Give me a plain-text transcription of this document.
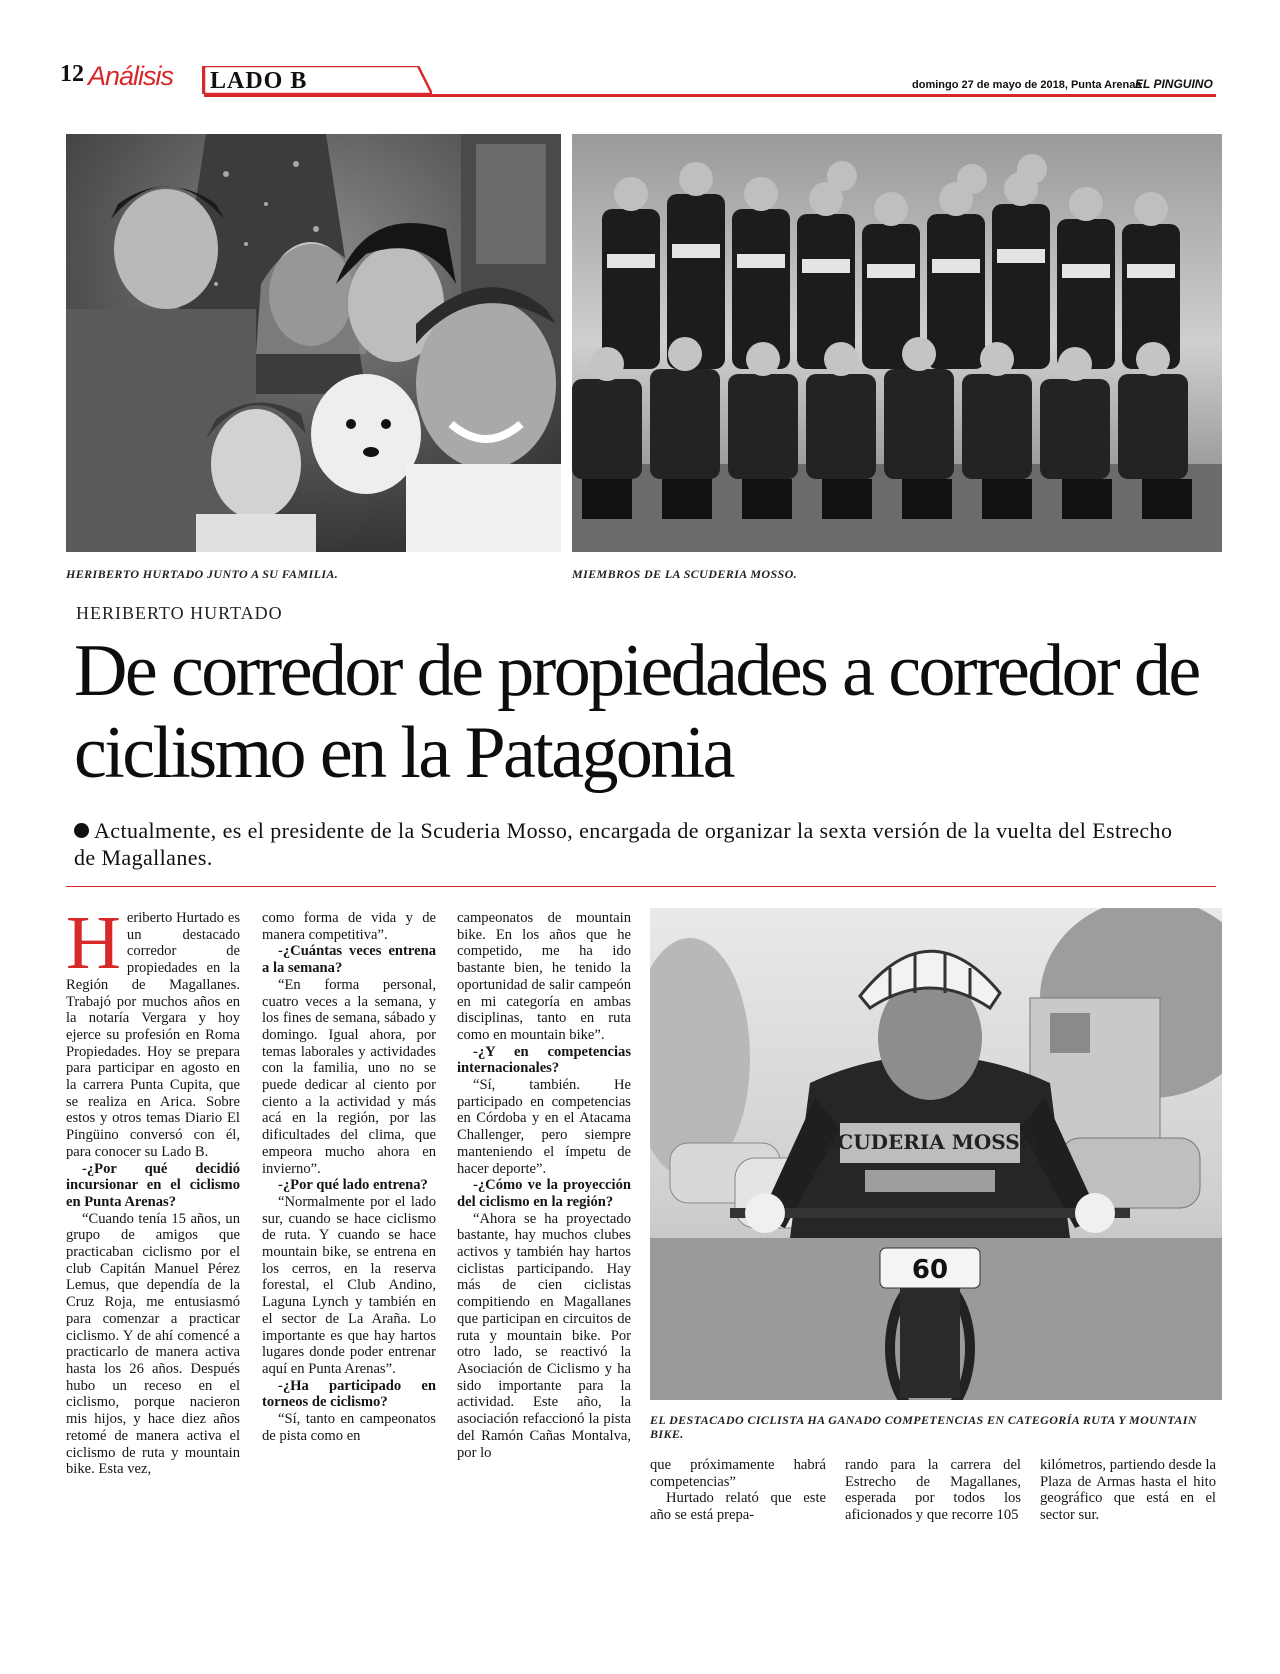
12 Análisis LADO B	domingo 27 de mayo de 2018, Punta Arenas
EL PINGUINO
HERIBERTO HURTADO JUNTO A SU FAMILIA.	MIEMBROS DE LA SCUDERIA MOSSO.
HERIBERTO HURTADO
De corredor de propiedades a corredor de ciclismo en la Patagonia
Actualmente, es el presidente de la Scuderia Mosso, encargada de organizar la sexta versión de la vuelta del Estrecho de Magallanes.
Heriberto Hurtado es un destacado corredor de propiedades en la Región de Magallanes. Trabajó por muchos años en la notaría Vergara y hoy ejerce su profesión en Roma Propiedades. Hoy se prepara para participar en agosto en la carrera Punta Cupita, que se realiza en Arica. Sobre estos y otros temas Diario El Pingüino conversó con él, para conocer su Lado B.

-¿Por qué decidió incursionar en el ciclismo en Punta Arenas?

“Cuando tenía 15 años, un grupo de amigos que practicaban ciclismo por el club Capitán Manuel Pérez Lemus, que dependía de la Cruz Roja, me entusiasmó para comenzar a practicar ciclismo. Y de ahí comencé a practicarlo de manera activa hasta los 26 años. Después hubo un receso en el ciclismo, porque nacieron mis hijos, y hace diez años retomé de manera activa el ciclismo de ruta y mountain bike. Esta vez,

como forma de vida y de manera competitiva”.

-¿Cuántas veces entrena a la semana?

“En forma personal, cuatro veces a la semana, y los fines de semana, sábado y domingo. Igual ahora, por temas laborales y actividades con la familia, uno no se puede dedicar al ciento por ciento a la actividad y más acá en la región, por las dificultades del clima, que empeora mucho ahora en invierno”.

-¿Por qué lado entrena?

“Normalmente por el lado sur, cuando se hace ciclismo de ruta. Y cuando se hace mountain bike, se entrena en los cerros, en la reserva forestal, el Club Andino, Laguna Lynch y también en el sector de La Araña. Lo importante es que hay hartos lugares donde poder entrenar aquí en Punta Arenas”.

-¿Ha participado en torneos de ciclismo?

“Sí, tanto en campeonatos de pista como en

campeonatos de mountain bike. En los años que he competido, me ha ido bastante bien, he tenido la oportunidad de salir campeón en mi categoría en ambas disciplinas, tanto en ruta como en mountain bike”.

-¿Y en competencias internacionales?

“Sí, también. He participado en competencias en Córdoba y en el Atacama Challenger, pero siempre manteniendo el ímpetu de hacer deporte”.

-¿Cómo ve la proyección del ciclismo en la región?

“Ahora se ha proyectado bastante, hay muchos clubes activos y también hay hartos ciclistas participando. Hay más de cien ciclistas compitiendo en Magallanes que participan en circuitos de ruta y mountain bike. Por otro lado, se reactivó la Asociación de Ciclismo y ha sido importante para la actividad. Este año, la asociación refaccionó la pista del Ramón Cañas Montalva, por lo

60
SCUDERIA MOSSO
EL DESTACADO CICLISTA HA GANADO COMPETENCIAS EN CATEGORÍA RUTA Y MOUNTAIN BIKE.

que próximamente habrá competencias”

Hurtado relató que este año se está prepa-

rando para la carrera del Estrecho de Magallanes, esperada por todos los aficionados y que recorre 105

kilómetros, partiendo desde la Plaza de Armas hasta el hito geográfico que está en el sector sur.
